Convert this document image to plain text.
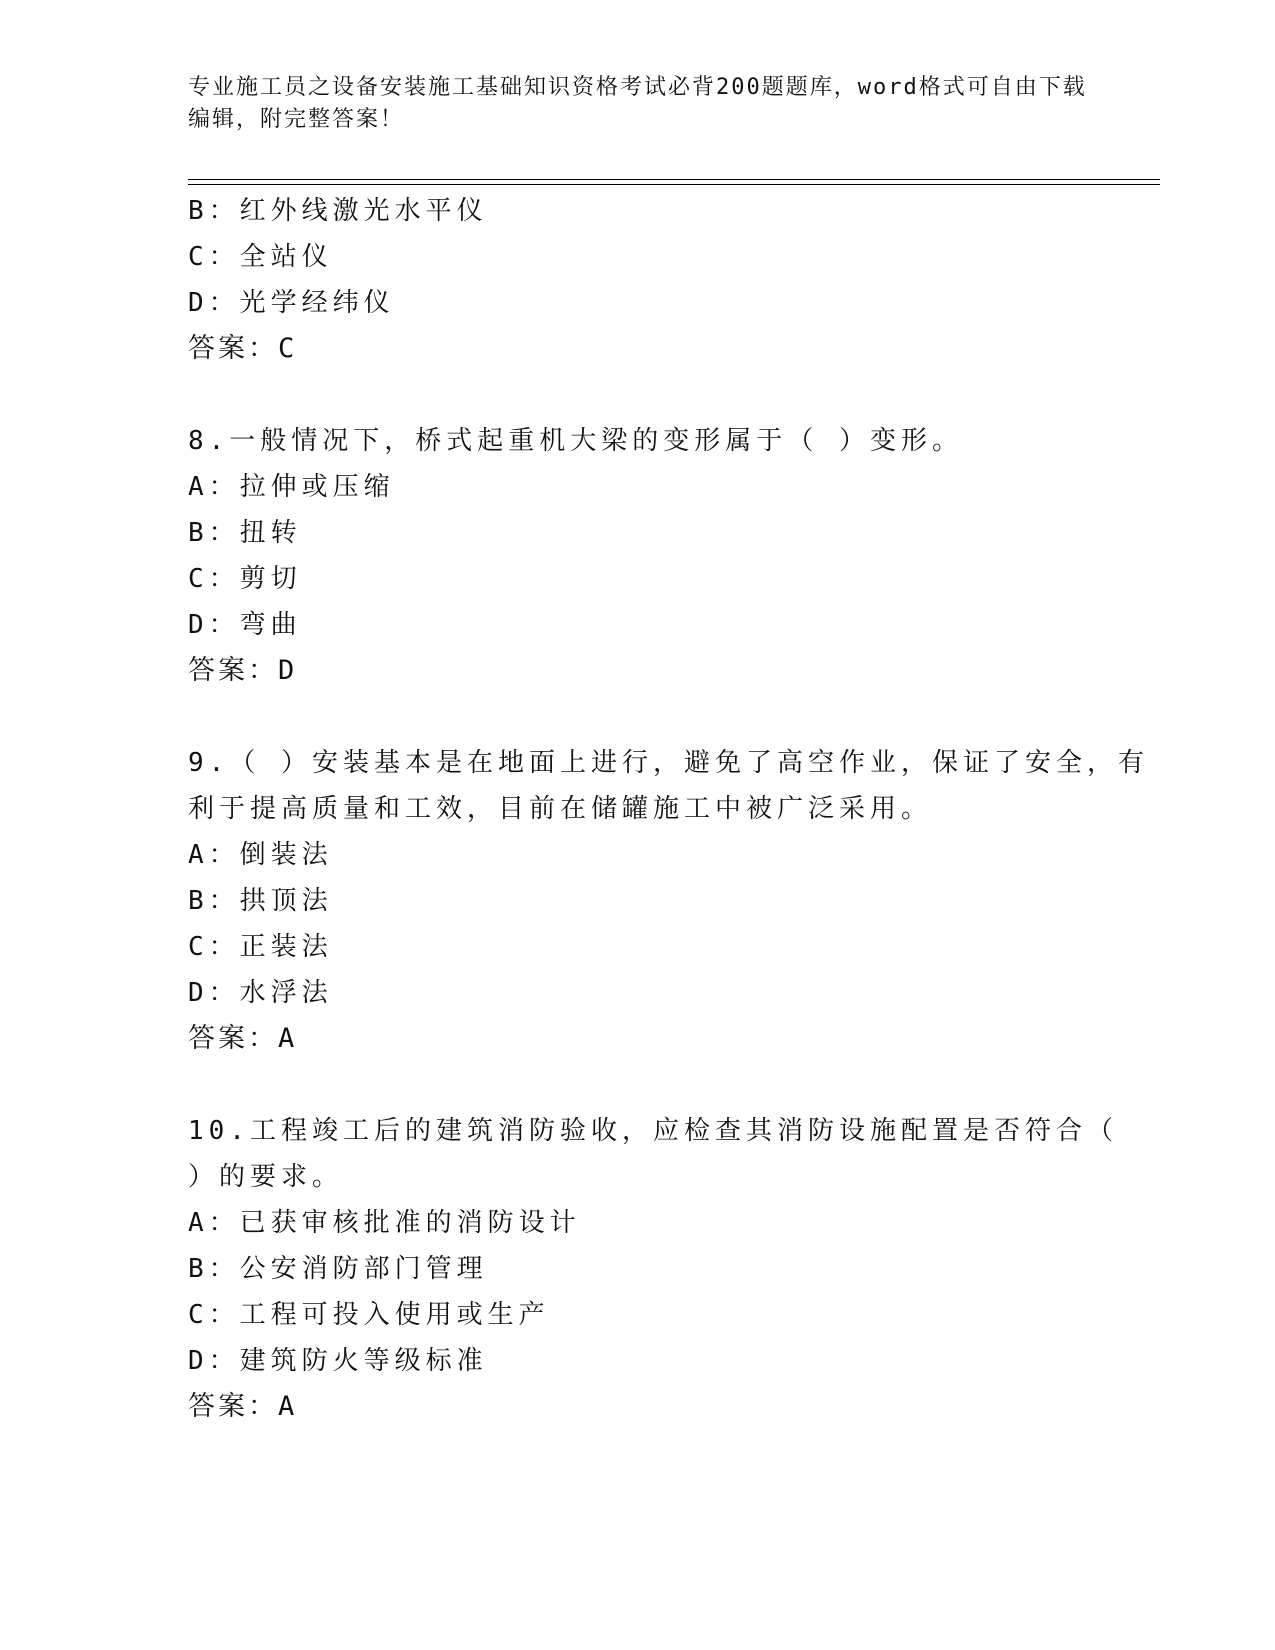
专业施工员之设备安装施工基础知识资格考试必背200题题库，word格式可自由下载编辑，附完整答案！
B：红外线激光水平仪
C：全站仪
D：光学经纬仪
答案：C
8.一般情况下，桥式起重机大梁的变形属于（ ）变形。
A：拉伸或压缩
B：扭转
C：剪切
D：弯曲
答案：D
9.（ ）安装基本是在地面上进行，避免了高空作业，保证了安全，有
利于提高质量和工效，目前在储罐施工中被广泛采用。
A：倒装法
B：拱顶法
C：正装法
D：水浮法
答案：A
10.工程竣工后的建筑消防验收，应检查其消防设施配置是否符合（
）的要求。
A：已获审核批准的消防设计
B：公安消防部门管理
C：工程可投入使用或生产
D：建筑防火等级标准
答案：A
